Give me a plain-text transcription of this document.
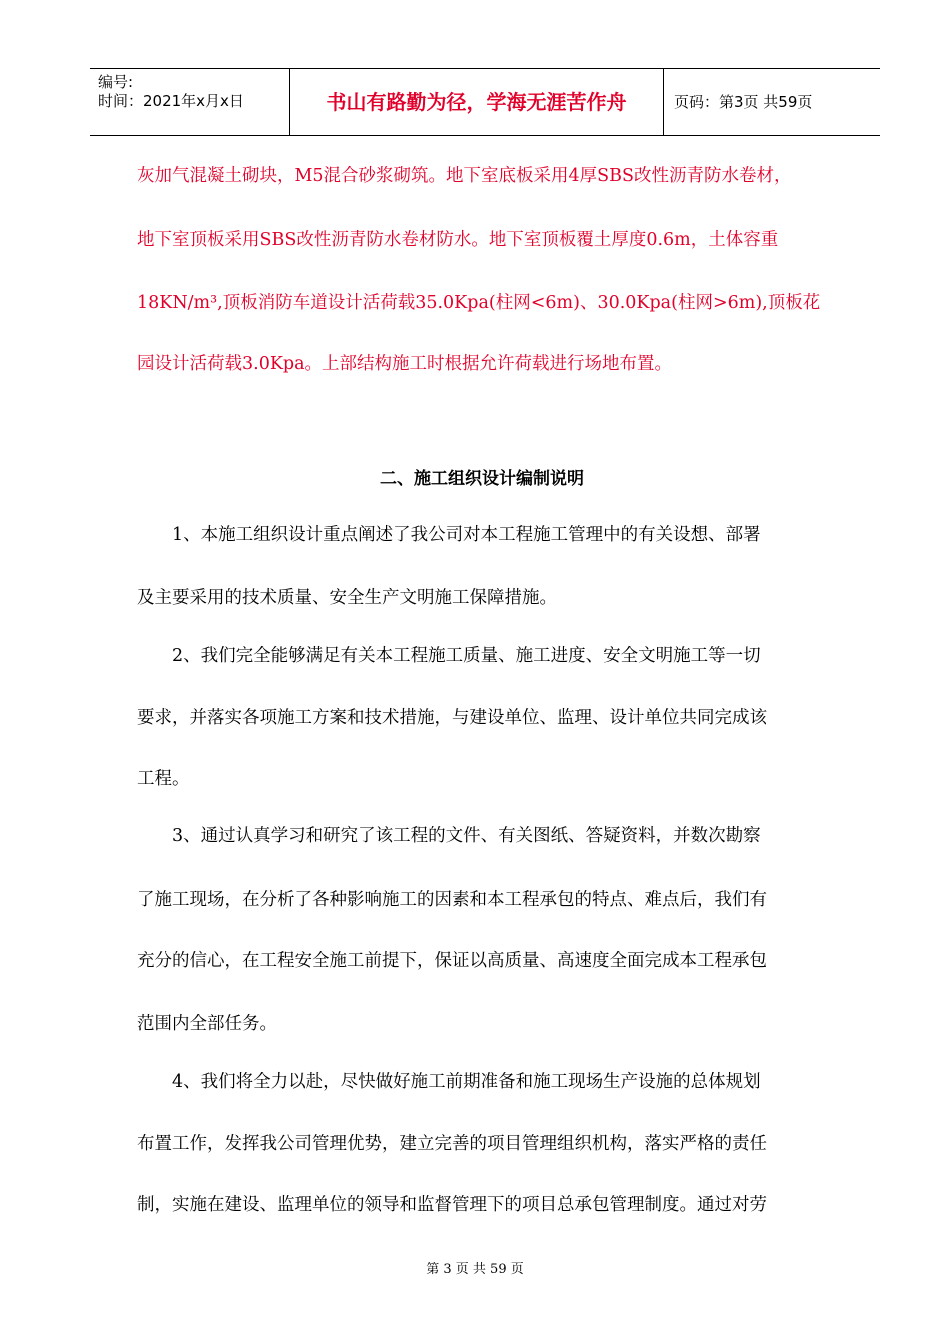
编号:
时间：2021年x月x日	书山有路勤为径，学海无涯苦作舟	页码：第3页 共59页
灰加气混凝土砌块，M5混合砂浆砌筑。地下室底板采用4厚SBS改性沥青防水卷材，
地下室顶板采用SBS改性沥青防水卷材防水。地下室顶板覆土厚度0.6m，土体容重
18KN/m³,顶板消防车道设计活荷载35.0Kpa(柱网<6m)、30.0Kpa(柱网>6m),顶板花
园设计活荷载3.0Kpa。上部结构施工时根据允许荷载进行场地布置。
二、施工组织设计编制说明
1、本施工组织设计重点阐述了我公司对本工程施工管理中的有关设想、部署
及主要采用的技术质量、安全生产文明施工保障措施。
2、我们完全能够满足有关本工程施工质量、施工进度、安全文明施工等一切
要求，并落实各项施工方案和技术措施，与建设单位、监理、设计单位共同完成该
工程。
3、通过认真学习和研究了该工程的文件、有关图纸、答疑资料，并数次勘察
了施工现场，在分析了各种影响施工的因素和本工程承包的特点、难点后，我们有
充分的信心，在工程安全施工前提下，保证以高质量、高速度全面完成本工程承包
范围内全部任务。
4、我们将全力以赴，尽快做好施工前期准备和施工现场生产设施的总体规划
布置工作，发挥我公司管理优势，建立完善的项目管理组织机构，落实严格的责任
制，实施在建设、监理单位的领导和监督管理下的项目总承包管理制度。通过对劳
第 3 页 共 59 页
